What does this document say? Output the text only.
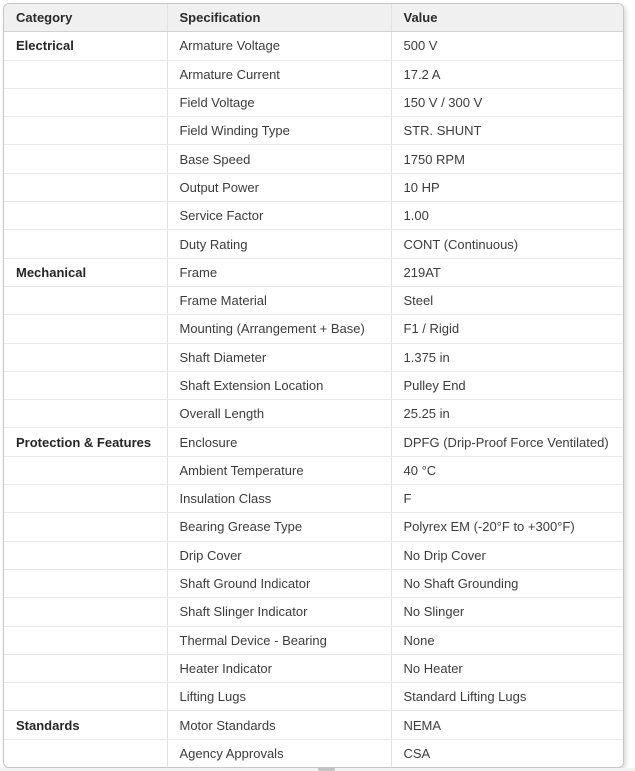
Category	Specification	Value
Electrical	Armature Voltage	500 V
	Armature Current	17.2 A
	Field Voltage	150 V / 300 V
	Field Winding Type	STR. SHUNT
	Base Speed	1750 RPM
	Output Power	10 HP
	Service Factor	1.00
	Duty Rating	CONT (Continuous)
Mechanical	Frame	219AT
	Frame Material	Steel
	Mounting (Arrangement + Base)	F1 / Rigid
	Shaft Diameter	1.375 in
	Shaft Extension Location	Pulley End
	Overall Length	25.25 in
Protection & Features	Enclosure	DPFG (Drip-Proof Force Ventilated)
	Ambient Temperature	40 °C
	Insulation Class	F
	Bearing Grease Type	Polyrex EM (-20°F to +300°F)
	Drip Cover	No Drip Cover
	Shaft Ground Indicator	No Shaft Grounding
	Shaft Slinger Indicator	No Slinger
	Thermal Device - Bearing	None
	Heater Indicator	No Heater
	Lifting Lugs	Standard Lifting Lugs
Standards	Motor Standards	NEMA
	Agency Approvals	CSA
